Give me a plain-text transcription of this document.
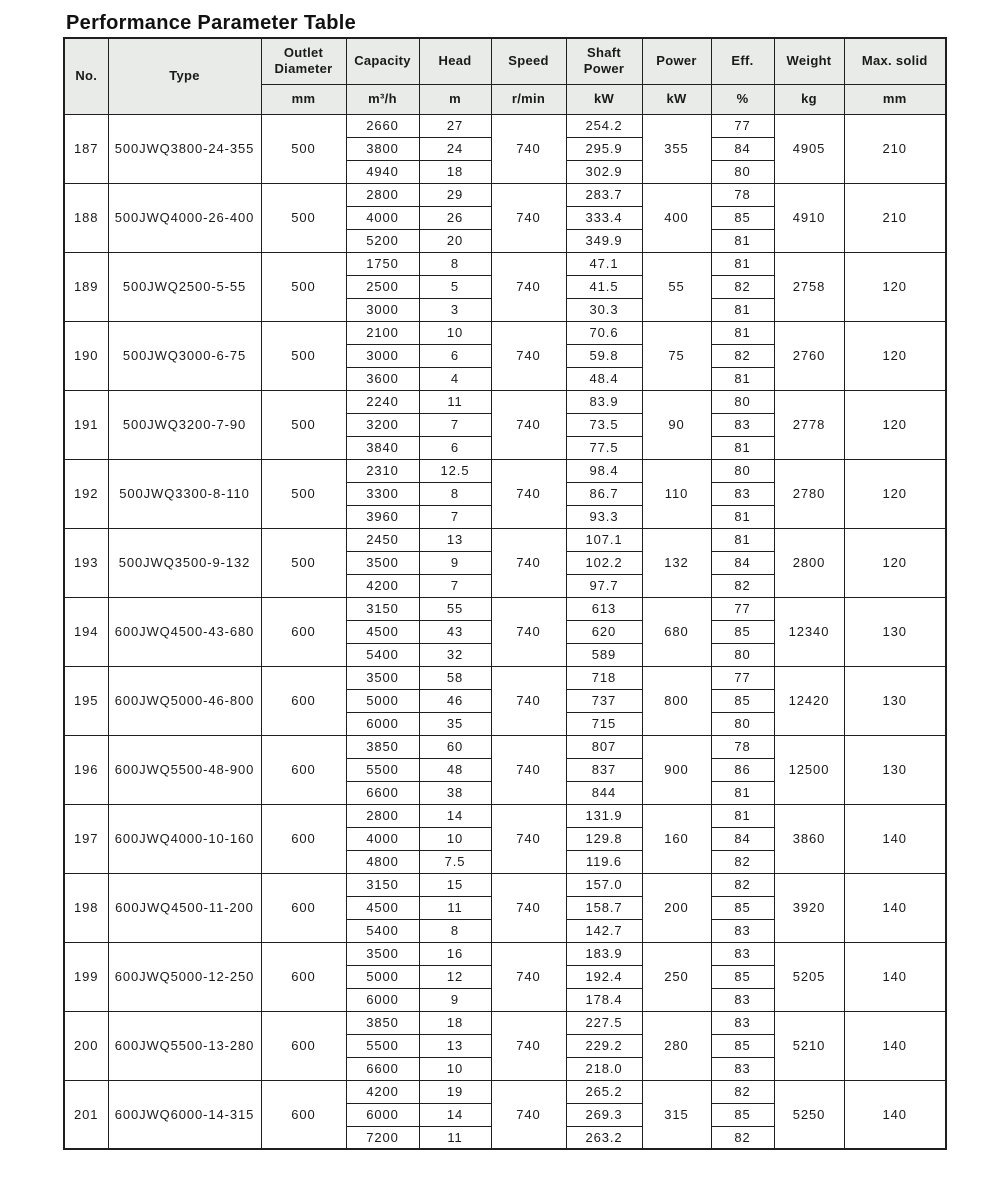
Performance Parameter Table
No.	Type	Outlet Diameter	Capacity	Head	Speed	Shaft Power	Power	Eff.	Weight	Max. solid
		mm	m³/h	m	r/min	kW	kW	%	kg	mm
187	500JWQ3800-24-355	500	2660	27	740	254.2	355	77	4905	210
			3800	24		295.9		84		
			4940	18		302.9		80		
188	500JWQ4000-26-400	500	2800	29	740	283.7	400	78	4910	210
			4000	26		333.4		85		
			5200	20		349.9		81		
189	500JWQ2500-5-55	500	1750	8	740	47.1	55	81	2758	120
			2500	5		41.5		82		
			3000	3		30.3		81		
190	500JWQ3000-6-75	500	2100	10	740	70.6	75	81	2760	120
			3000	6		59.8		82		
			3600	4		48.4		81		
191	500JWQ3200-7-90	500	2240	11	740	83.9	90	80	2778	120
			3200	7		73.5		83		
			3840	6		77.5		81		
192	500JWQ3300-8-110	500	2310	12.5	740	98.4	110	80	2780	120
			3300	8		86.7		83		
			3960	7		93.3		81		
193	500JWQ3500-9-132	500	2450	13	740	107.1	132	81	2800	120
			3500	9		102.2		84		
			4200	7		97.7		82		
194	600JWQ4500-43-680	600	3150	55	740	613	680	77	12340	130
			4500	43		620		85		
			5400	32		589		80		
195	600JWQ5000-46-800	600	3500	58	740	718	800	77	12420	130
			5000	46		737		85		
			6000	35		715		80		
196	600JWQ5500-48-900	600	3850	60	740	807	900	78	12500	130
			5500	48		837		86		
			6600	38		844		81		
197	600JWQ4000-10-160	600	2800	14	740	131.9	160	81	3860	140
			4000	10		129.8		84		
			4800	7.5		119.6		82		
198	600JWQ4500-11-200	600	3150	15	740	157.0	200	82	3920	140
			4500	11		158.7		85		
			5400	8		142.7		83		
199	600JWQ5000-12-250	600	3500	16	740	183.9	250	83	5205	140
			5000	12		192.4		85		
			6000	9		178.4		83		
200	600JWQ5500-13-280	600	3850	18	740	227.5	280	83	5210	140
			5500	13		229.2		85		
			6600	10		218.0		83		
201	600JWQ6000-14-315	600	4200	19	740	265.2	315	82	5250	140
			6000	14		269.3		85		
			7200	11		263.2		82		
